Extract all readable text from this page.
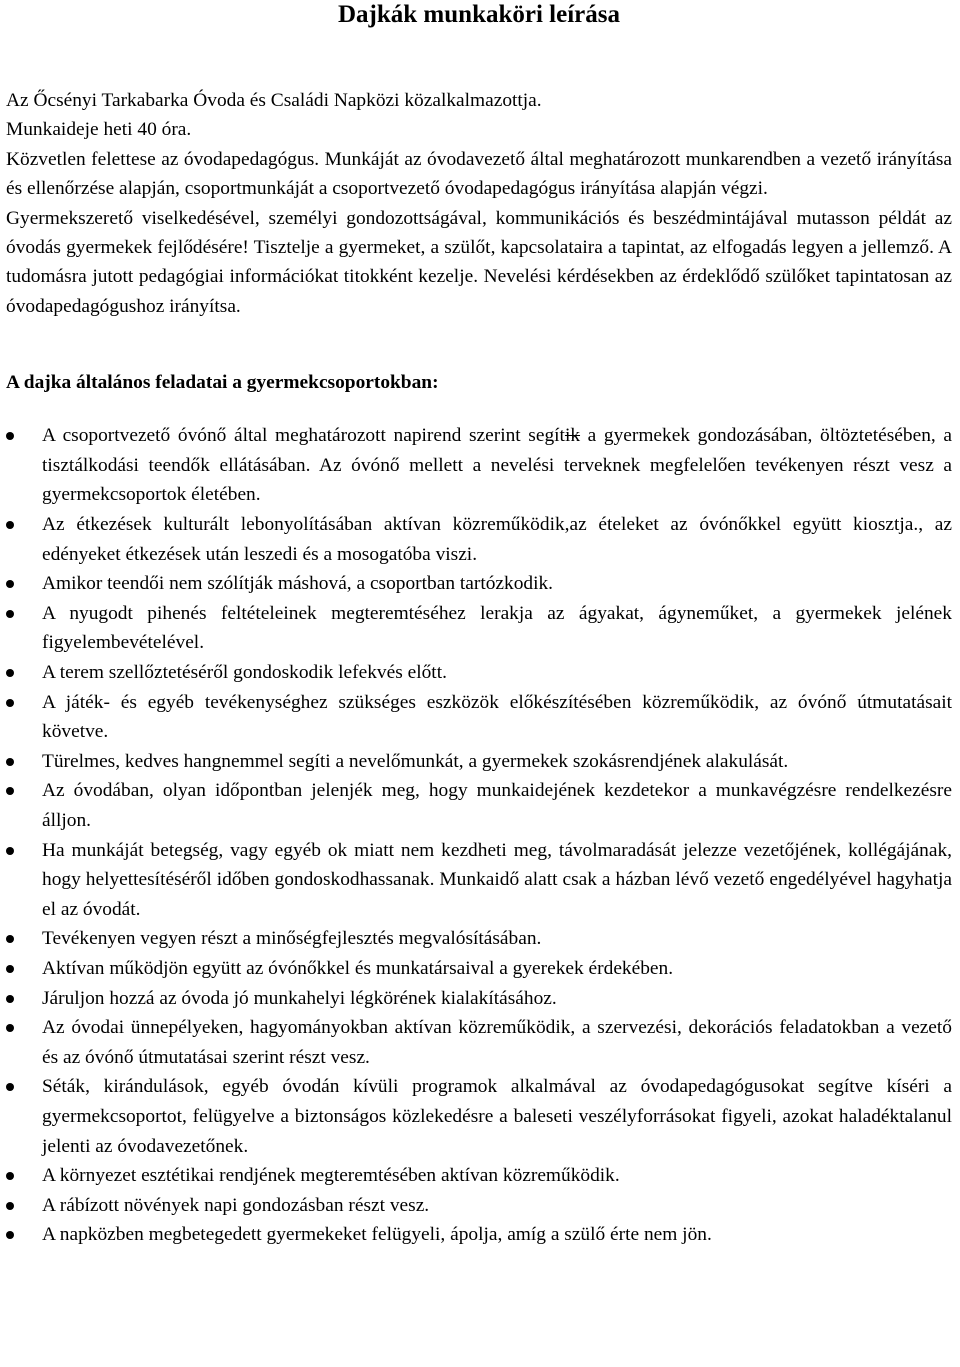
Dajkák munkaköri leírása

Az Őcsényi Tarkabarka Óvoda és Családi Napközi közalkalmazottja.

Munkaideje heti 40 óra.

Közvetlen felettese az óvodapedagógus. Munkáját az óvodavezető által meghatározott munkarendben a vezető irányítása és ellenőrzése alapján, csoportmunkáját a csoportvezető óvodapedagógus irányítása alapján végzi.

Gyermekszerető viselkedésével, személyi gondozottságával, kommunikációs és beszédmintájával mutasson példát az óvodás gyermekek fejlődésére! Tisztelje a gyermeket, a szülőt, kapcsolataira a tapintat, az elfogadás legyen a jellemző. A tudomásra jutott pedagógiai információkat titokként kezelje. Nevelési kérdésekben az érdeklődő szülőket tapintatosan az óvodapedagógushoz irányítsa.

A dajka általános feladatai a gyermekcsoportokban:
A csoportvezető óvónő által meghatározott napirend szerint segítik a gyermekek gondozásában, öltöztetésében, a tisztálkodási teendők ellátásában. Az óvónő mellett a nevelési terveknek megfelelően tevékenyen részt vesz a gyermekcsoportok életében.
Az étkezések kulturált lebonyolításában aktívan közreműködik,az ételeket az óvónőkkel együtt kiosztja., az edényeket étkezések után leszedi és a mosogatóba viszi.
Amikor teendői nem szólítják máshová, a csoportban tartózkodik.
A nyugodt pihenés feltételeinek megteremtéséhez lerakja az ágyakat, ágyneműket, a gyermekek jelének figyelembevételével.
A terem szellőztetéséről gondoskodik lefekvés előtt.
A játék- és egyéb tevékenységhez szükséges eszközök előkészítésében közreműködik, az óvónő útmutatásait követve.
Türelmes, kedves hangnemmel segíti a nevelőmunkát, a gyermekek szokásrendjének alakulását.
Az óvodában, olyan időpontban jelenjék meg, hogy munkaidejének kezdetekor a munkavégzésre rendelkezésre álljon.
Ha munkáját betegség, vagy egyéb ok miatt nem kezdheti meg, távolmaradását jelezze vezetőjének, kollégájának, hogy helyettesítéséről időben gondoskodhassanak. Munkaidő alatt csak a házban lévő vezető engedélyével hagyhatja el az óvodát.
Tevékenyen vegyen részt a minőségfejlesztés megvalósításában.
Aktívan működjön együtt az óvónőkkel és munkatársaival a gyerekek érdekében.
Járuljon hozzá az óvoda jó munkahelyi légkörének kialakításához.
Az óvodai ünnepélyeken, hagyományokban aktívan közreműködik, a szervezési, dekorációs feladatokban a vezető és az óvónő útmutatásai szerint részt vesz.
Séták, kirándulások, egyéb óvodán kívüli programok alkalmával az óvodapedagógusokat segítve kíséri a gyermekcsoportot, felügyelve a biztonságos közlekedésre a baleseti veszélyforrásokat figyeli, azokat haladéktalanul jelenti az óvodavezetőnek.
A környezet esztétikai rendjének megteremtésében aktívan közreműködik.
A rábízott növények napi gondozásban részt vesz.
A napközben megbetegedett gyermekeket felügyeli, ápolja, amíg a szülő érte nem jön.
